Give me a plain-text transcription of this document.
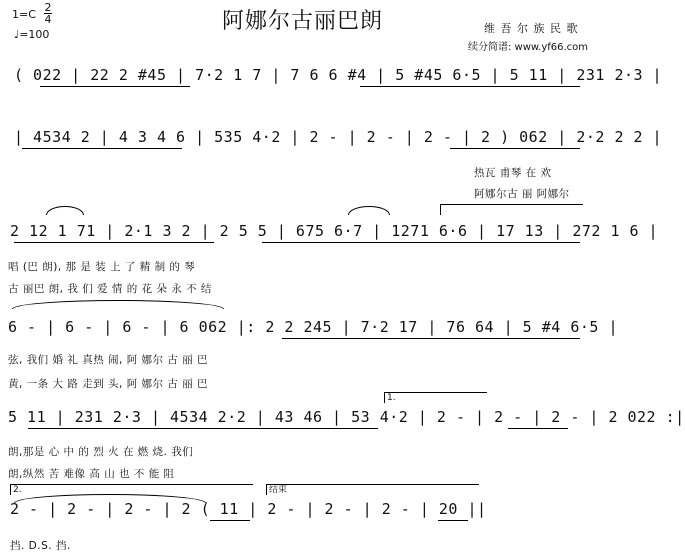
1=C
2
4
♩=100
阿娜尔古丽巴朗	维 吾 尔 族 民 歌
续分简谱: www.yf66.com
( 022 | 22 2 #45 | 7·2 1 7 | 7 6 6 #4 | 5 #45 6·5 | 5 11 | 231 2·3 |
| 4534 2 | 4 3 4 6 | 535 4·2 | 2 - | 2 - | 2 - | 2 ) 062 | 2·2 2 2 |
热瓦 甫琴 在 欢
阿娜尔古 丽 阿娜尔
2 12 1 71 | 2·1 3 2 | 2 5 5 | 675 6·7 | 1271 6·6 | 17 13 | 272 1 6 |
唱 (巴 朗), 那 是 装 上 了 精 制 的 琴
古 丽巴 朗, 我 们 爱 情 的 花 朵 永 不 结
6 - | 6 - | 6 - | 6 062 |: 2 2 245 | 7·2 17 | 76 64 | 5 #4 6·5 |
弦, 我们 婚 礼 真热 闹, 阿 娜尔 古 丽 巴
黄, 一条 大 路 走到 头, 阿 娜尔 古 丽 巴
1.
5 11 | 231 2·3 | 4534 2·2 | 43 46 | 53 4·2 | 2 - | 2 - | 2 - | 2 022 :|
朗,那是 心 中 的 烈 火 在 燃 烧. 我们
朗,纵然 苦 难像 高 山 也 不 能 阻
2.	结束
2 - | 2 - | 2 - | 2 ( 11 | 2 - | 2 - | 2 - | 20 ||
挡. D.S. 挡.
